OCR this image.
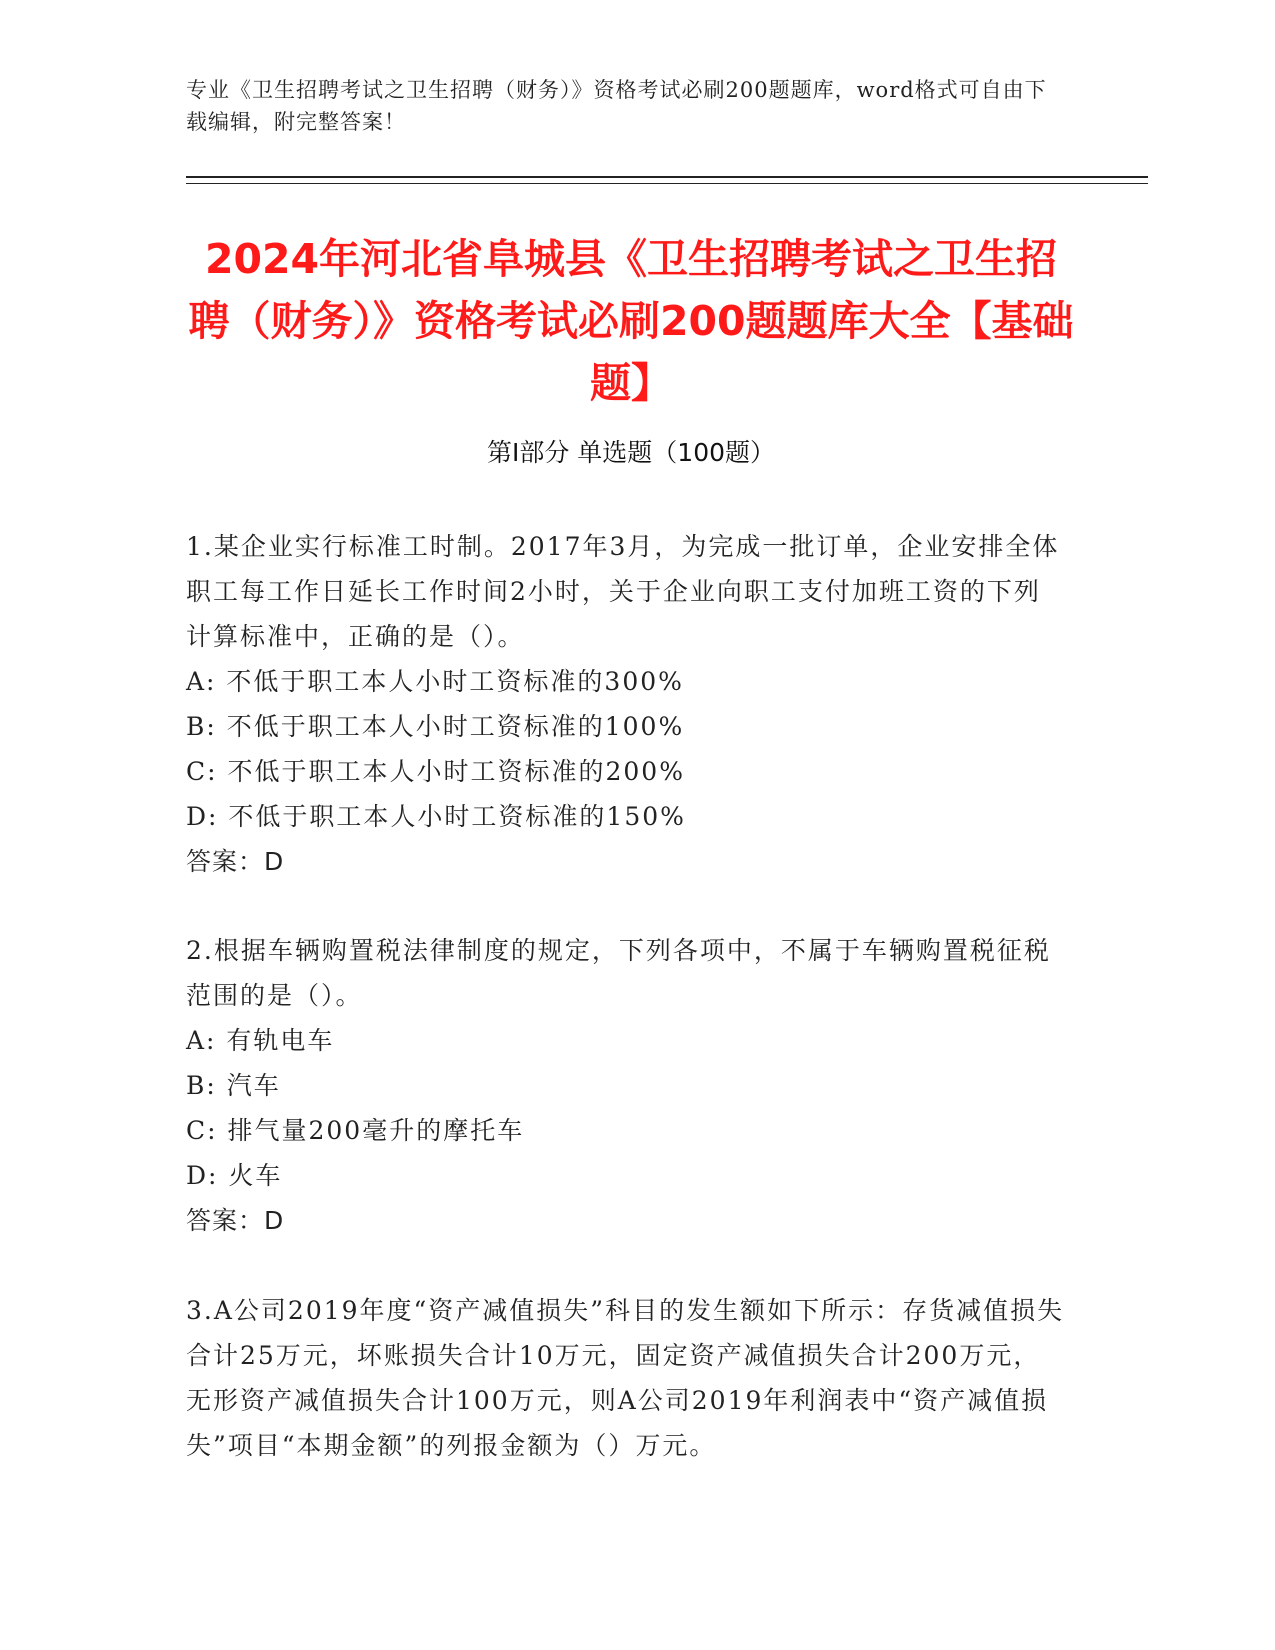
专业《卫生招聘考试之卫生招聘（财务）》资格考试必刷200题题库，word格式可自由下载编辑，附完整答案！
2024年河北省阜城县《卫生招聘考试之卫生招聘（财务）》资格考试必刷200题题库大全【基础题】
第Ⅰ部分 单选题（100题）
1.某企业实行标准工时制。2017年3月，为完成一批订单，企业安排全体职工每工作日延长工作时间2小时，关于企业向职工支付加班工资的下列计算标准中，正确的是（）。
A: 不低于职工本人小时工资标准的300%
B: 不低于职工本人小时工资标准的100%
C: 不低于职工本人小时工资标准的200%
D: 不低于职工本人小时工资标准的150%
答案：D
2.根据车辆购置税法律制度的规定，下列各项中，不属于车辆购置税征税范围的是（）。
A: 有轨电车
B: 汽车
C: 排气量200毫升的摩托车
D: 火车
答案：D
3.A公司2019年度“资产减值损失”科目的发生额如下所示：存货减值损失合计25万元，坏账损失合计10万元，固定资产减值损失合计200万元，无形资产减值损失合计100万元，则A公司2019年利润表中“资产减值损失”项目“本期金额”的列报金额为（）万元。
